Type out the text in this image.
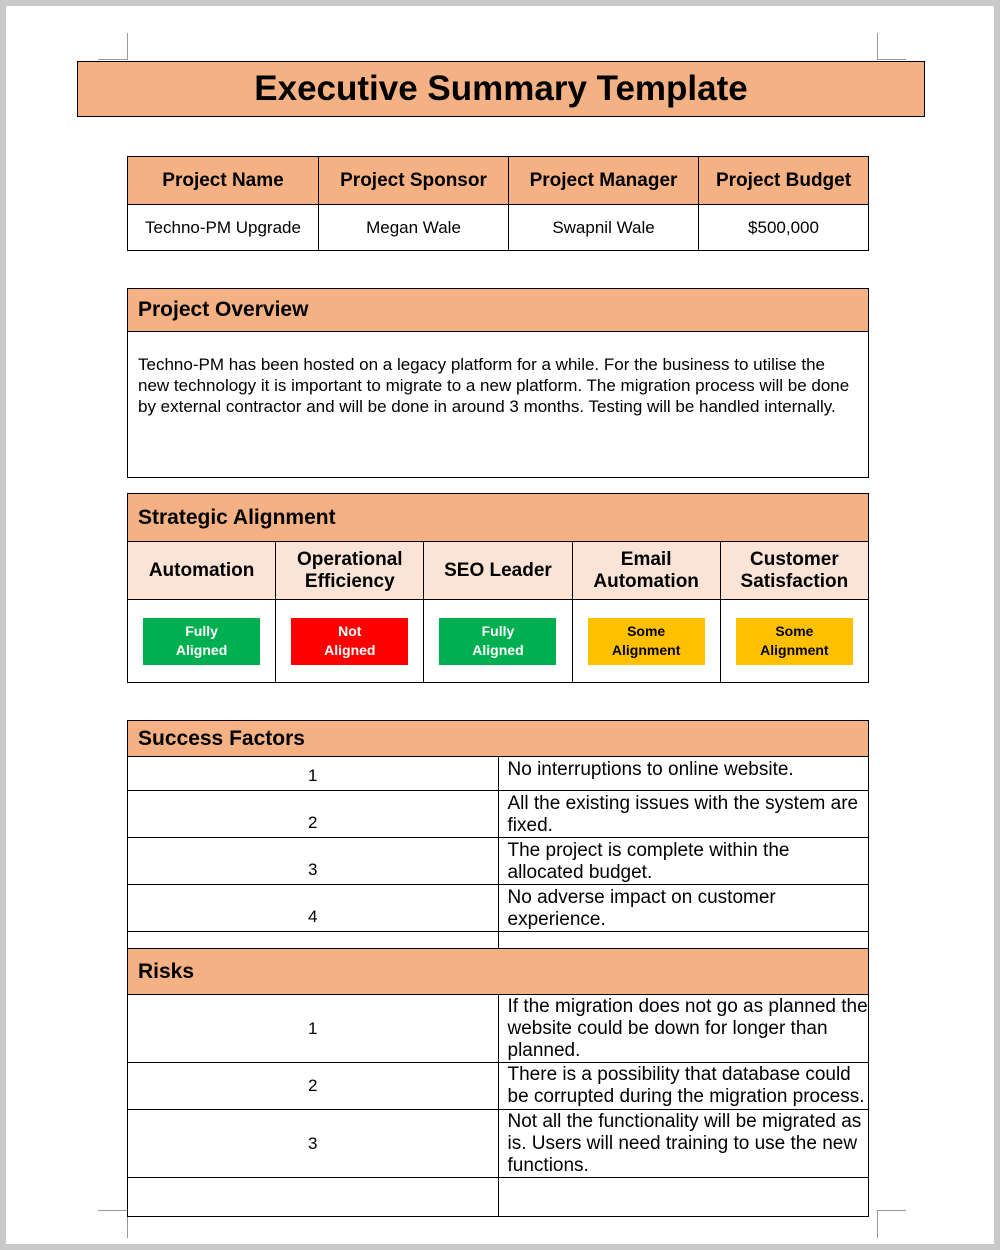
Executive Summary Template
Project Name	Project Sponsor	Project Manager	Project Budget
Techno-PM Upgrade	Megan Wale	Swapnil Wale	$500,000
Project Overview
Techno-PM has been hosted on a legacy platform for a while. For the business to utilise the new technology it is important to migrate to a new platform. The migration process will be done by external contractor and will be done in around 3 months. Testing will be handled internally.
Strategic Alignment				
Automation	Operational Efficiency	SEO Leader	Email Automation	Customer Satisfaction
Fully Aligned	Not Aligned	Fully Aligned	Some Alignment	Some Alignment
Success Factors	
1	No interruptions to online website.
2	All the existing issues with the system are fixed.
3	The project is complete within the allocated budget.
4	No adverse impact on customer experience.

Risks	
1	If the migration does not go as planned the website could be down for longer than planned.
2	There is a possibility that database could be corrupted during the migration process.
3	Not all the functionality will be migrated as is. Users will need training to use the new functions.
